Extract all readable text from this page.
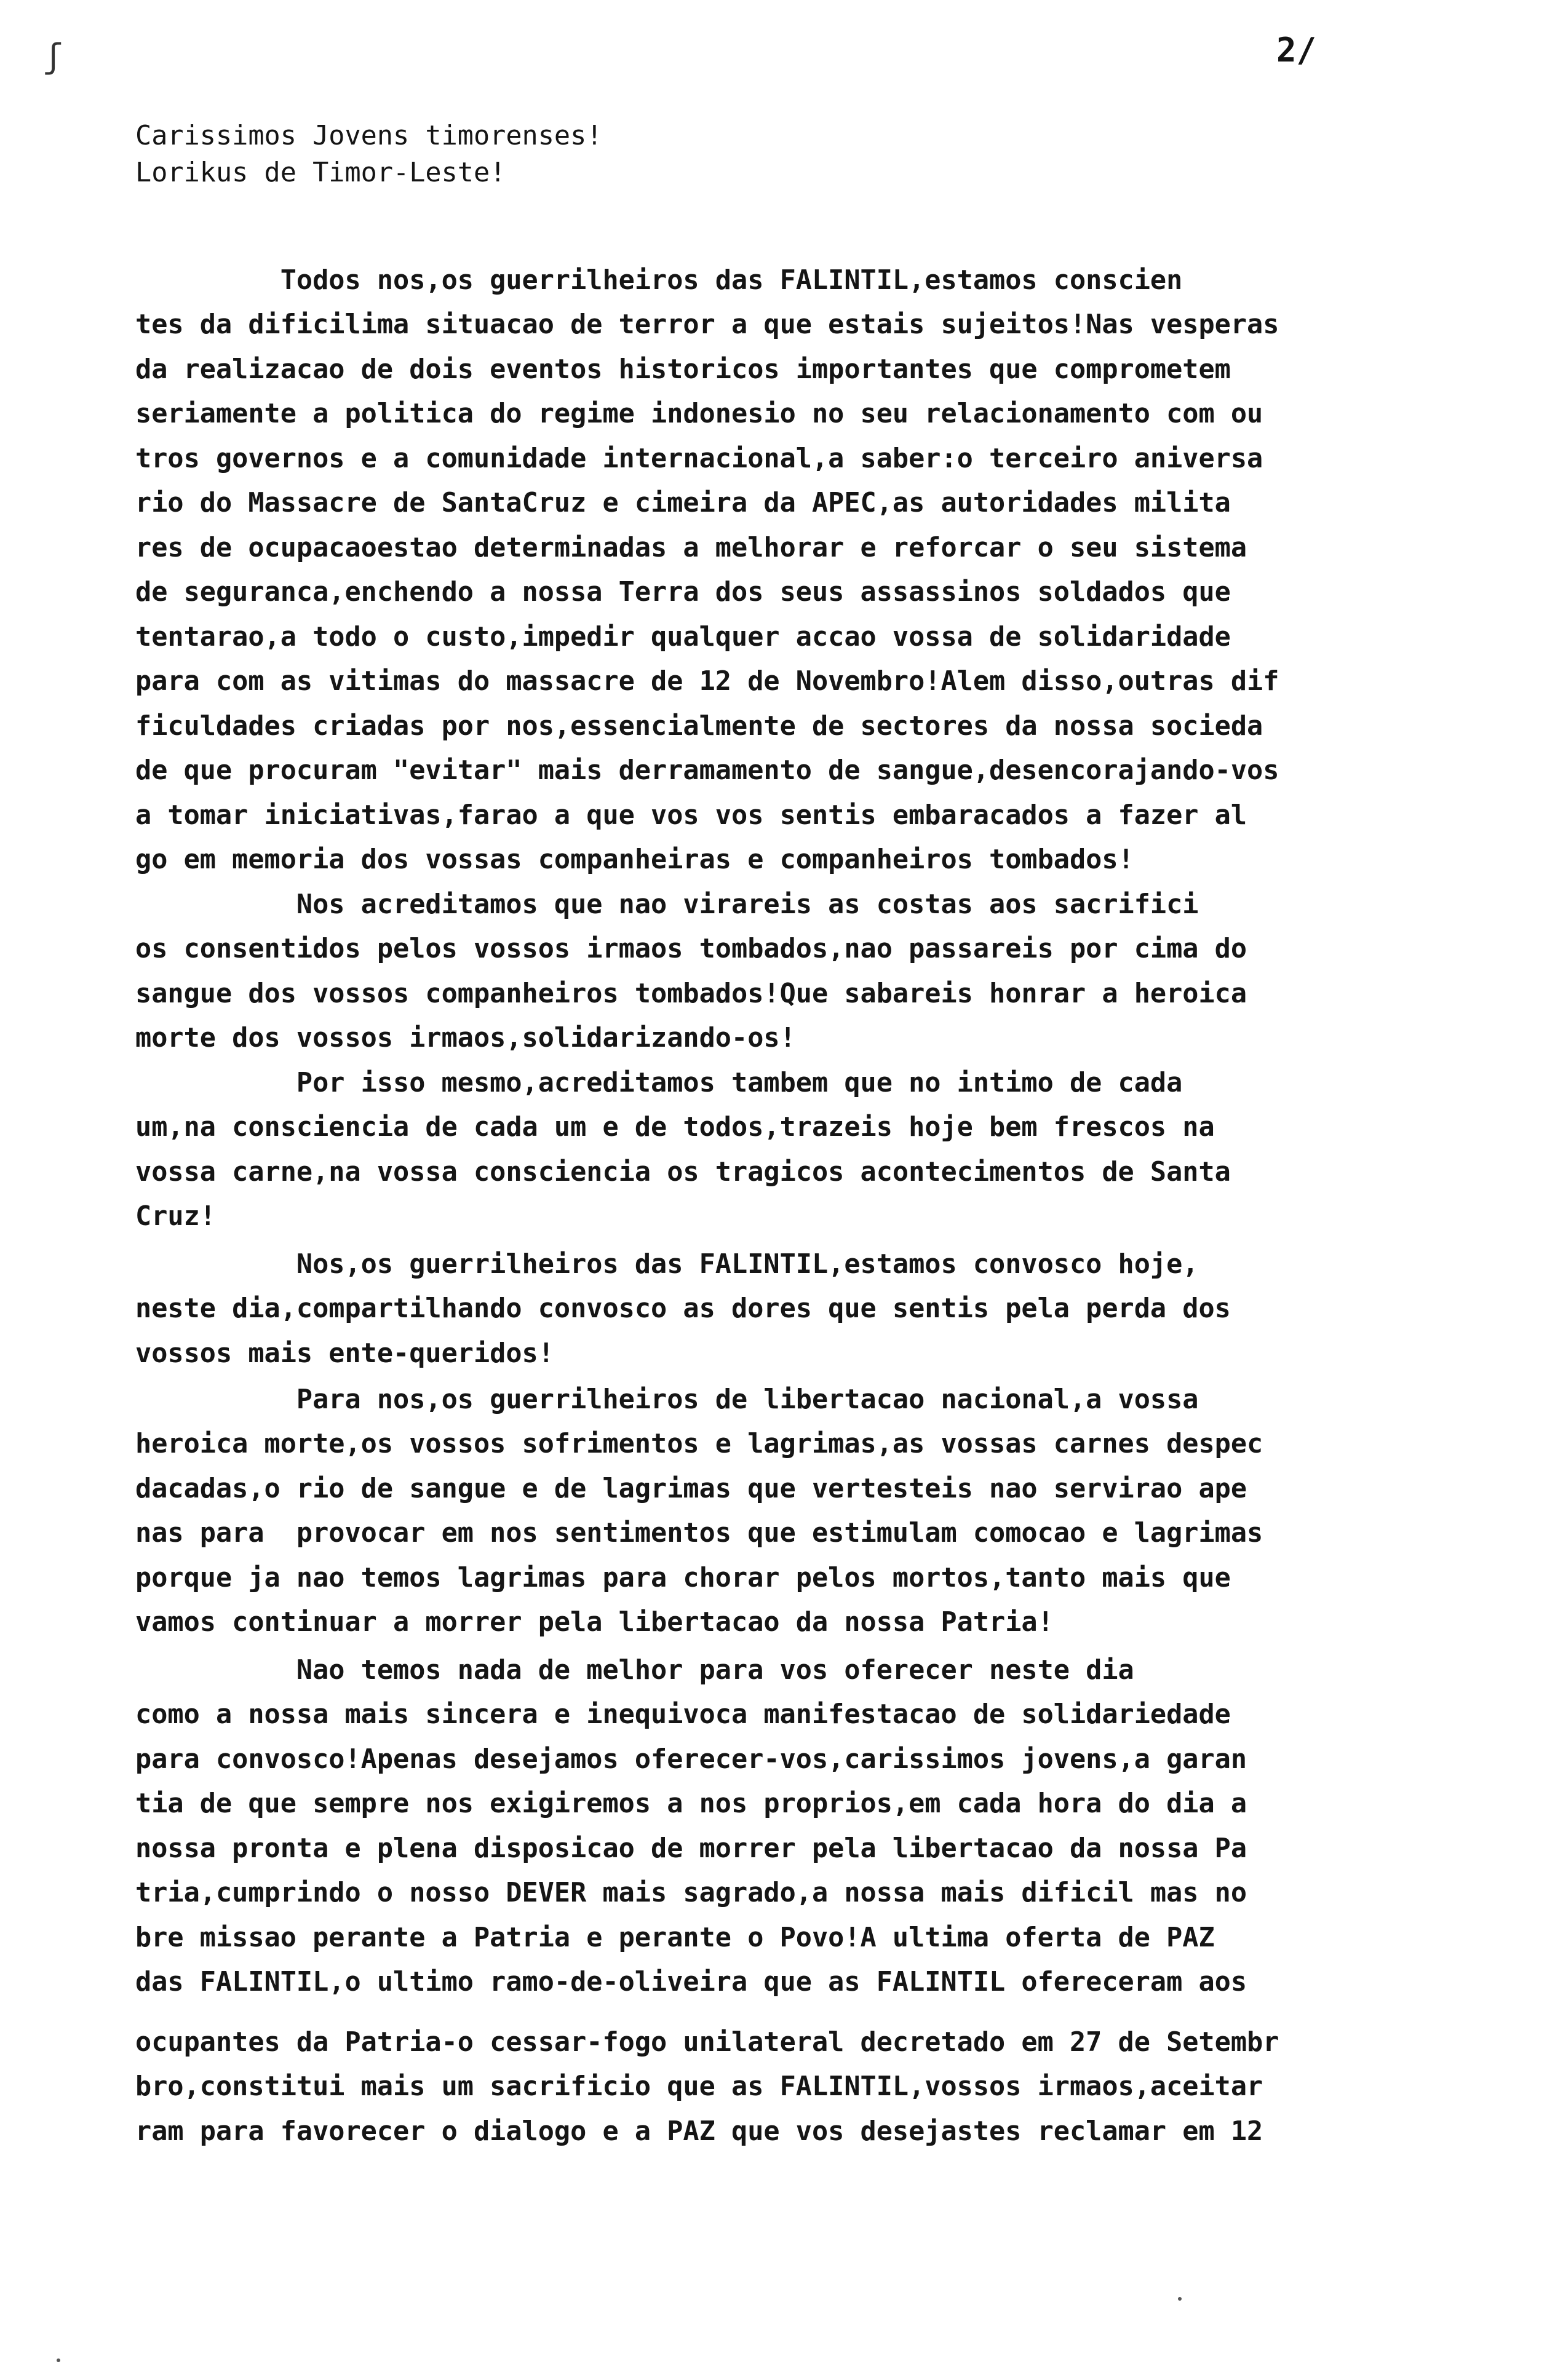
ʃ	2/
Carissimos Jovens timorenses!
Lorikus de Timor-Leste!
Todos nos,os guerrilheiros das FALINTIL,estamos conscien
tes da dificilima situacao de terror a que estais sujeitos!Nas vesperas
da realizacao de dois eventos historicos importantes que comprometem
seriamente a politica do regime indonesio no seu relacionamento com ou
tros governos e a comunidade internacional,a saber:o terceiro aniversa
rio do Massacre de SantaCruz e cimeira da APEC,as autoridades milita
res de ocupacaoestao determinadas a melhorar e reforcar o seu sistema
de seguranca,enchendo a nossa Terra dos seus assassinos soldados que
tentarao,a todo o custo,impedir qualquer accao vossa de solidaridade
para com as vitimas do massacre de 12 de Novembro!Alem disso,outras dif
ficuldades criadas por nos,essencialmente de sectores da nossa socieda
de que procuram "evitar" mais derramamento de sangue,desencorajando-vos
a tomar iniciativas,farao a que vos vos sentis embaracados a fazer al
go em memoria dos vossas companheiras e companheiros tombados!
Nos acreditamos que nao virareis as costas aos sacrifici
os consentidos pelos vossos irmaos tombados,nao passareis por cima do
sangue dos vossos companheiros tombados!Que sabareis honrar a heroica
morte dos vossos irmaos,solidarizando-os!
Por isso mesmo,acreditamos tambem que no intimo de cada
um,na consciencia de cada um e de todos,trazeis hoje bem frescos na
vossa carne,na vossa consciencia os tragicos acontecimentos de Santa
Cruz!
Nos,os guerrilheiros das FALINTIL,estamos convosco hoje,
neste dia,compartilhando convosco as dores que sentis pela perda dos
vossos mais ente-queridos!
Para nos,os guerrilheiros de libertacao nacional,a vossa
heroica morte,os vossos sofrimentos e lagrimas,as vossas carnes despec
dacadas,o rio de sangue e de lagrimas que vertesteis nao servirao ape
nas para  provocar em nos sentimentos que estimulam comocao e lagrimas
porque ja nao temos lagrimas para chorar pelos mortos,tanto mais que
vamos continuar a morrer pela libertacao da nossa Patria!
Nao temos nada de melhor para vos oferecer neste dia
como a nossa mais sincera e inequivoca manifestacao de solidariedade
para convosco!Apenas desejamos oferecer-vos,carissimos jovens,a garan
tia de que sempre nos exigiremos a nos proprios,em cada hora do dia a
nossa pronta e plena disposicao de morrer pela libertacao da nossa Pa
tria,cumprindo o nosso DEVER mais sagrado,a nossa mais dificil mas no
bre missao perante a Patria e perante o Povo!A ultima oferta de PAZ
das FALINTIL,o ultimo ramo-de-oliveira que as FALINTIL ofereceram aos
ocupantes da Patria-o cessar-fogo unilateral decretado em 27 de Setembr
bro,constitui mais um sacrificio que as FALINTIL,vossos irmaos,aceitar
ram para favorecer o dialogo e a PAZ que vos desejastes reclamar em 12
